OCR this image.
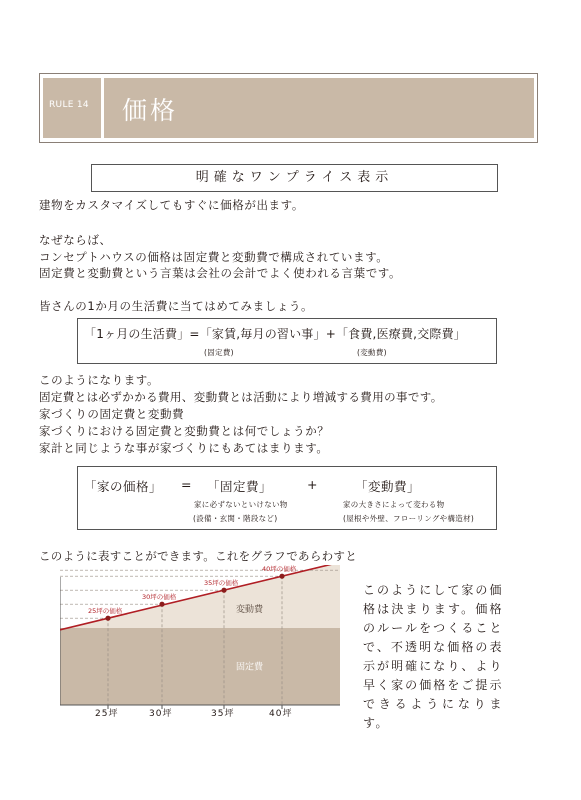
RULE 14 価格
明確なワンプライス表示
建物をカスタマイズしてもすぐに価格が出ます。
なぜならば、
コンセプトハウスの価格は固定費と変動費で構成されています。
固定費と変動費という言葉は会社の会計でよく使われる言葉です。
皆さんの1か月の生活費に当てはめてみましょう。
「1ヶ月の生活費」=「家賃,毎月の習い事」+「食費,医療費,交際費」
(固定費)	(変動費)
このようになります。
固定費とは必ずかかる費用、変動費とは活動により増減する費用の事です。
家づくりの固定費と変動費
家づくりにおける固定費と変動費とは何でしょうか？
家計と同じような事が家づくりにもあてはまります。
「家の価格」 = 「固定費」	+	「変動費」
家に必ずないといけない物
(設備・玄関・階段など)
家の大きさによって変わる物
(屋根や外壁、フローリングや構造材)
このように表すことができます。これをグラフであらわすと
25坪の価格
30坪の価格
35坪の価格
40坪の価格
変動費
固定費
25坪	30坪	35坪	40坪
このようにして家の価格は決まります。価格のルールをつくることで、不透明な価格の表示が明確になり、より早く家の価格をご提示できるようになります。
